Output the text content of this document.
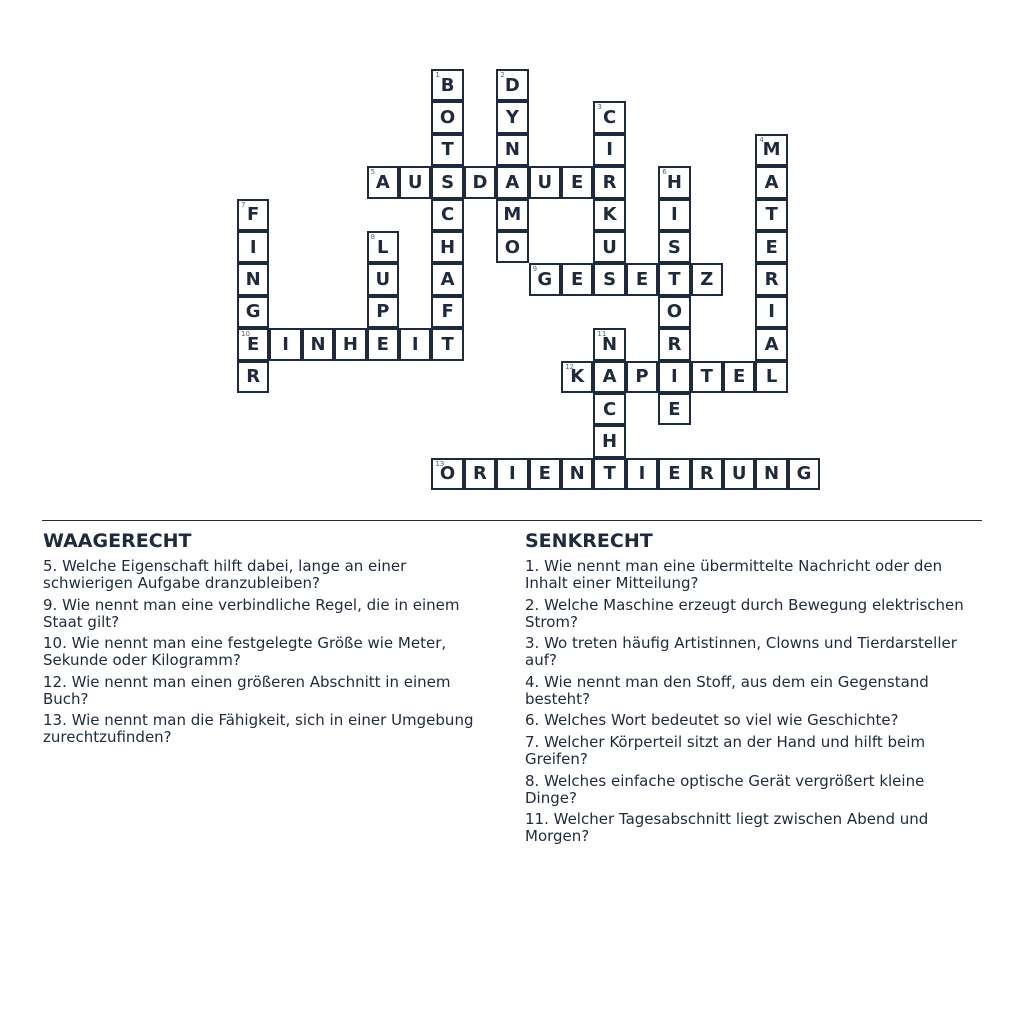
B
1
O
T
S
C
H
A
F
T
D
2
Y
N
A
M
O
C
3
I
R
K
U
S
M
4
A
T
E
R
I
A
L
A
5 U	D	U E	H
6
I
S
T
O
R
I
E
F
7
I
N
G
E
10
R
L
8
U
P
E
G
9 E	E	Z
I N H	I	N
11
A
C
H
T
K
12	P	T E
O
13 R I E N	I E R U N G
WAAGERECHT

5. Welche Eigenschaft hilft dabei, lange an einer schwierigen Aufgabe dranzubleiben?

9. Wie nennt man eine verbindliche Regel, die in einem Staat gilt?

10. Wie nennt man eine festgelegte Größe wie Meter, Sekunde oder Kilogramm?

12. Wie nennt man einen größeren Abschnitt in einem Buch?

13. Wie nennt man die Fähigkeit, sich in einer Umgebung zurechtzufinden?

SENKRECHT

1. Wie nennt man eine übermittelte Nachricht oder den Inhalt einer Mitteilung?

2. Welche Maschine erzeugt durch Bewegung elektrischen Strom?

3. Wo treten häufig Artistinnen, Clowns und Tierdarsteller auf?

4. Wie nennt man den Stoff, aus dem ein Gegenstand besteht?

6. Welches Wort bedeutet so viel wie Geschichte?

7. Welcher Körperteil sitzt an der Hand und hilft beim Greifen?

8. Welches einfache optische Gerät vergrößert kleine Dinge?

11. Welcher Tagesabschnitt liegt zwischen Abend und Morgen?
